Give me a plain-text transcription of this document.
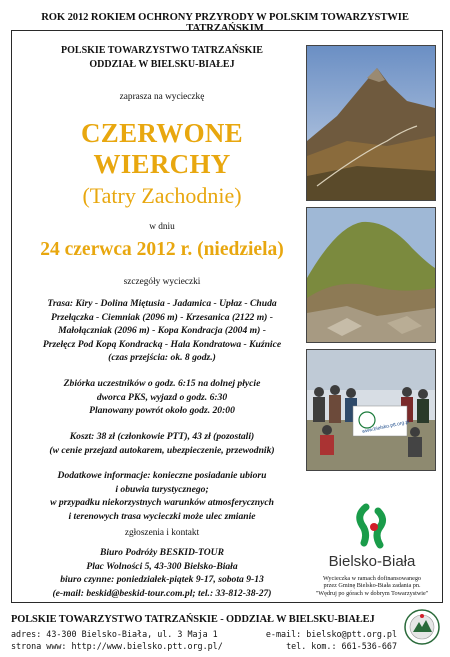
ROK 2012 ROKIEM OCHRONY PRZYRODY W POLSKIM TOWARZYSTWIE TATRZAŃSKIM
POLSKIE TOWARZYSTWO TATRZAŃSKIE
ODDZIAŁ W BIELSKU-BIAŁEJ
zaprasza na wycieczkę
CZERWONE
WIERCHY
(Tatry Zachodnie)
w dniu
24 czerwca 2012 r. (niedziela)
szczegóły wycieczki
Trasa: Kiry - Dolina Miętusia - Jadamica - Upłaz - Chuda
Przełączka - Ciemniak (2096 m) - Krzesanica (2122 m) -
Małołączniak (2096 m) - Kopa Kondracja (2004 m) -
Przełęcz Pod Kopą Kondracką - Hala Kondratowa - Kuźnice
(czas przejścia: ok. 8 godz.)
Zbiórka uczestników o godz. 6:15 na dolnej płycie
dworca PKS, wyjazd o godz. 6:30
Planowany powrót około godz. 20:00
Koszt: 38 zł (członkowie PTT), 43 zł (pozostali)
(w cenie przejazd autokarem, ubezpieczenie, przewodnik)
Dodatkowe informacje: konieczne posiadanie ubioru
i obuwia turystycznego;
w przypadku niekorzystnych warunków atmosferycznych
i terenowych trasa wycieczki może ulec zmianie
zgłoszenia i kontakt
Biuro Podróży BESKID-TOUR
Plac Wolności 5, 43-300 Bielsko-Biała
biuro czynne: poniedziałek-piątek 9-17, sobota 9-13
(e-mail: beskid@beskid-tour.com.pl; tel.: 33-812-38-27)
www.bielsko.ptt.org.pl
Bielsko-Biała
Wycieczka w ramach dofinansowanego
przez Gminę Bielsko-Biała zadania pn.
"Wędruj po górach w dobrym Towarzystwie"
POLSKIE TOWARZYSTWO TATRZAŃSKIE - ODDZIAŁ W BIELSKU-BIAŁEJ
adres: 43-300 Bielsko-Biała, ul. 3 Maja 1	e-mail: bielsko@ptt.org.pl
strona www: http://www.bielsko.ptt.org.pl/	tel. kom.: 661-536-667
